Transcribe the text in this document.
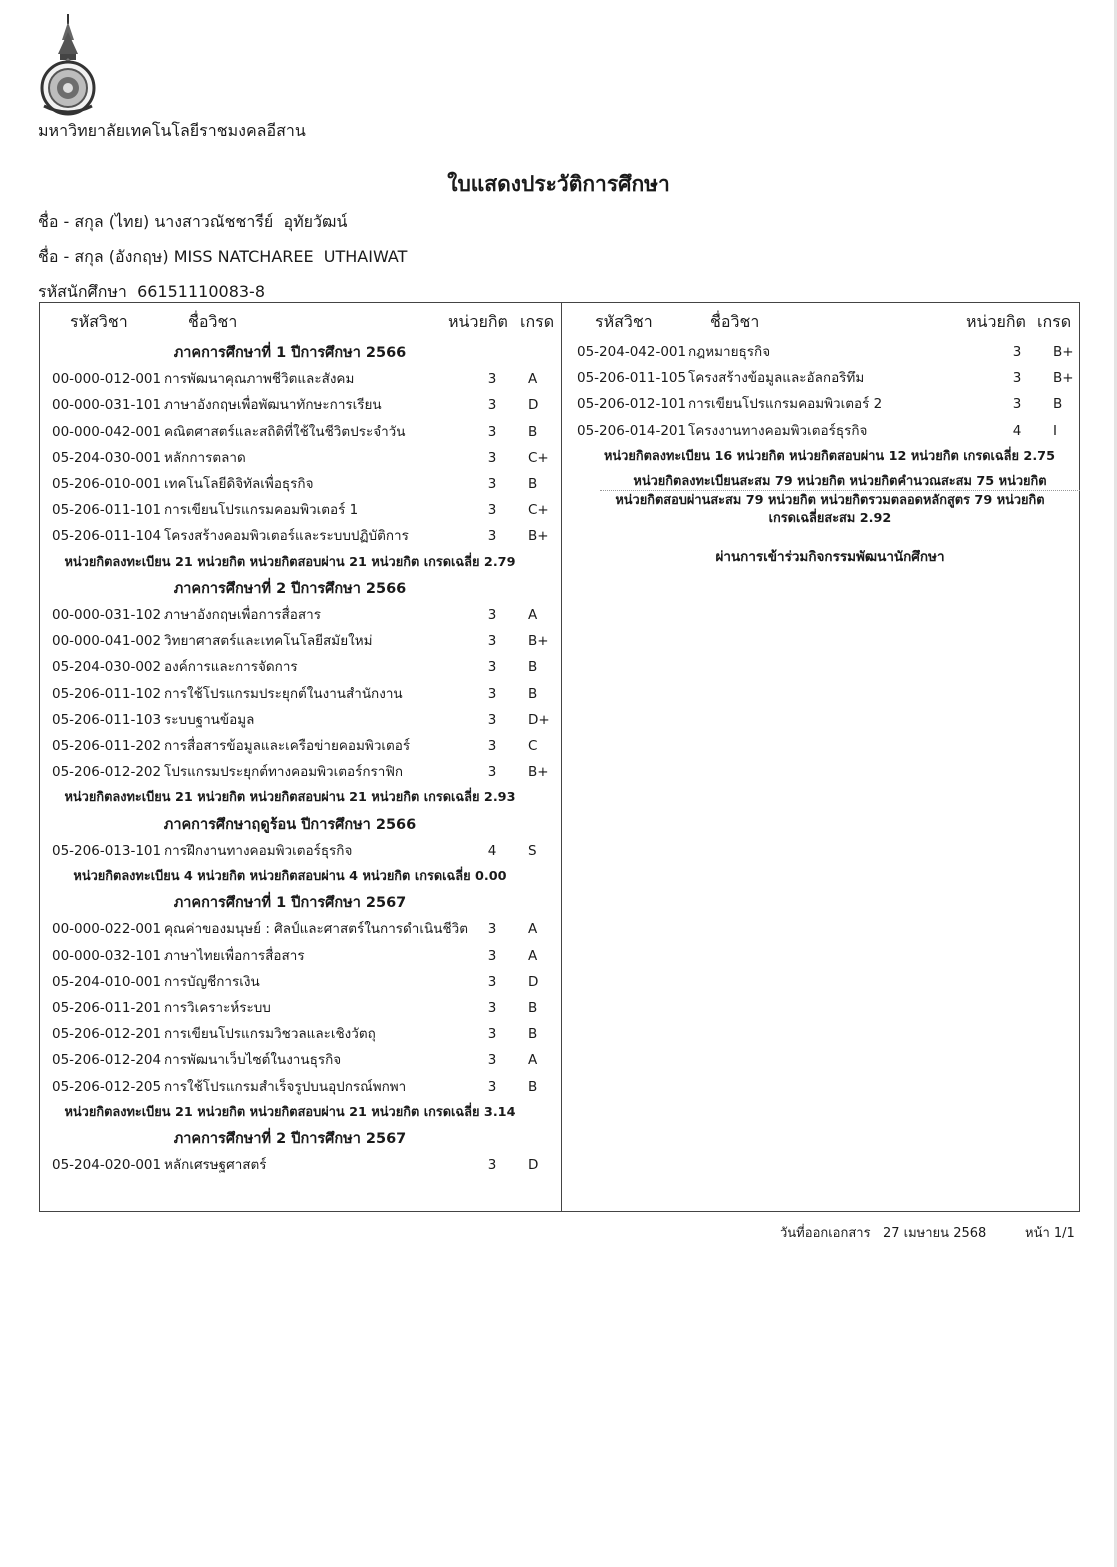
มหาวิทยาลัยเทคโนโลยีราชมงคลอีสาน
ใบแสดงประวัติการศึกษา
ชื่อ - สกุล (ไทย) นางสาวณัชชารีย์  อุทัยวัฒน์
ชื่อ - สกุล (อังกฤษ) MISS NATCHAREE  UTHAIWAT
รหัสนักศึกษา 66151110083-8
รหัสวิชา	ชื่อวิชา	หน่วยกิต เกรด	รหัสวิชา	ชื่อวิชา	หน่วยกิต เกรด
ภาคการศึกษาที่ 1 ปีการศึกษา 2566
00-000-012-001 การพัฒนาคุณภาพชีวิตและสังคม	3	A
00-000-031-101 ภาษาอังกฤษเพื่อพัฒนาทักษะการเรียน	3	D
00-000-042-001 คณิตศาสตร์และสถิติที่ใช้ในชีวิตประจำวัน	3	B
05-204-030-001 หลักการตลาด	3	C+
05-206-010-001 เทคโนโลยีดิจิทัลเพื่อธุรกิจ	3	B
05-206-011-101 การเขียนโปรแกรมคอมพิวเตอร์ 1	3	C+
05-206-011-104 โครงสร้างคอมพิวเตอร์และระบบปฏิบัติการ	3	B+
หน่วยกิตลงทะเบียน 21 หน่วยกิต หน่วยกิตสอบผ่าน 21 หน่วยกิต เกรดเฉลี่ย 2.79
ภาคการศึกษาที่ 2 ปีการศึกษา 2566
00-000-031-102 ภาษาอังกฤษเพื่อการสื่อสาร	3	A
00-000-041-002 วิทยาศาสตร์และเทคโนโลยีสมัยใหม่	3	B+
05-204-030-002 องค์การและการจัดการ	3	B
05-206-011-102 การใช้โปรแกรมประยุกต์ในงานสำนักงาน	3	B
05-206-011-103 ระบบฐานข้อมูล	3	D+
05-206-011-202 การสื่อสารข้อมูลและเครือข่ายคอมพิวเตอร์	3	C
05-206-012-202 โปรแกรมประยุกต์ทางคอมพิวเตอร์กราฟิก	3	B+
หน่วยกิตลงทะเบียน 21 หน่วยกิต หน่วยกิตสอบผ่าน 21 หน่วยกิต เกรดเฉลี่ย 2.93
ภาคการศึกษาฤดูร้อน ปีการศึกษา 2566
05-206-013-101 การฝึกงานทางคอมพิวเตอร์ธุรกิจ	4	S
หน่วยกิตลงทะเบียน 4 หน่วยกิต หน่วยกิตสอบผ่าน 4 หน่วยกิต เกรดเฉลี่ย 0.00
ภาคการศึกษาที่ 1 ปีการศึกษา 2567
00-000-022-001 คุณค่าของมนุษย์ : ศิลป์และศาสตร์ในการดำเนินชีวิต	3	A
00-000-032-101 ภาษาไทยเพื่อการสื่อสาร	3	A
05-204-010-001 การบัญชีการเงิน	3	D
05-206-011-201 การวิเคราะห์ระบบ	3	B
05-206-012-201 การเขียนโปรแกรมวิชวลและเชิงวัตถุ	3	B
05-206-012-204 การพัฒนาเว็บไซต์ในงานธุรกิจ	3	A
05-206-012-205 การใช้โปรแกรมสำเร็จรูปบนอุปกรณ์พกพา	3	B
หน่วยกิตลงทะเบียน 21 หน่วยกิต หน่วยกิตสอบผ่าน 21 หน่วยกิต เกรดเฉลี่ย 3.14
ภาคการศึกษาที่ 2 ปีการศึกษา 2567
05-204-020-001 หลักเศรษฐศาสตร์	3	D
05-204-042-001 กฎหมายธุรกิจ	3	B+
05-206-011-105 โครงสร้างข้อมูลและอัลกอริทึม	3	B+
05-206-012-101 การเขียนโปรแกรมคอมพิวเตอร์ 2	3	B
05-206-014-201 โครงงานทางคอมพิวเตอร์ธุรกิจ	4	I
หน่วยกิตลงทะเบียน 16 หน่วยกิต หน่วยกิตสอบผ่าน 12 หน่วยกิต เกรดเฉลี่ย 2.75
หน่วยกิตลงทะเบียนสะสม 79 หน่วยกิต หน่วยกิตคำนวณสะสม 75 หน่วยกิต
หน่วยกิตสอบผ่านสะสม 79 หน่วยกิต หน่วยกิตรวมตลอดหลักสูตร 79 หน่วยกิต
เกรดเฉลี่ยสะสม 2.92
ผ่านการเข้าร่วมกิจกรรมพัฒนานักศึกษา
วันที่ออกเอกสาร 27 เมษายน 2568	หน้า 1/1
